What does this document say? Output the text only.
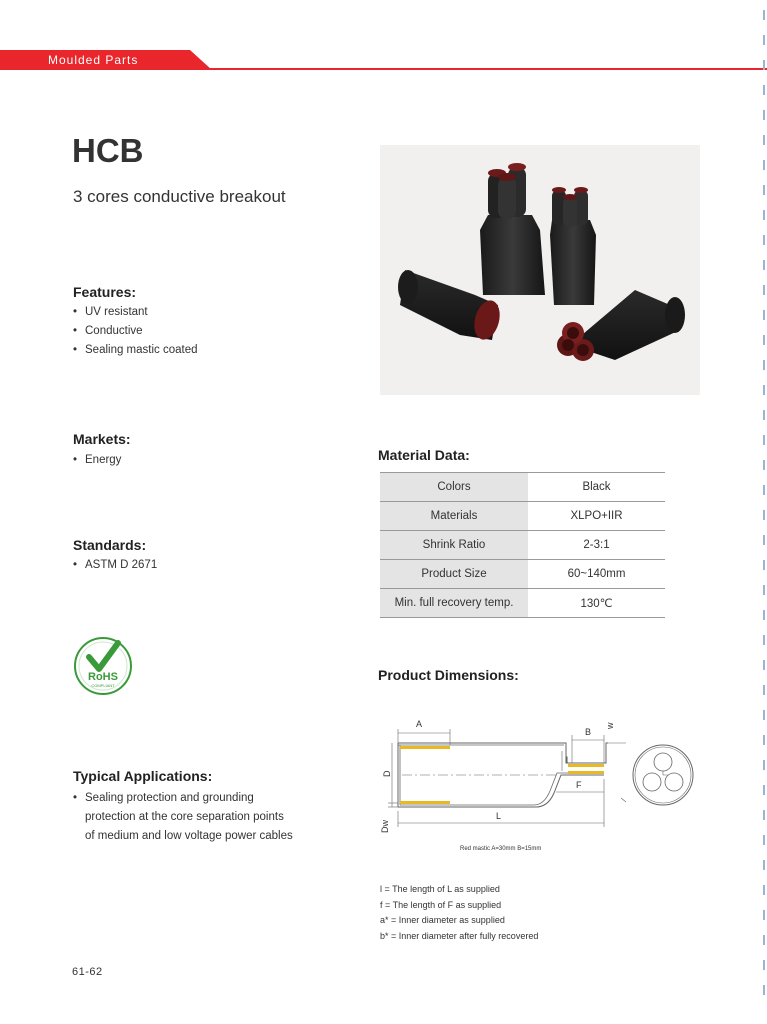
Moulded Parts
HCB
3 cores conductive breakout
Features:
• UV resistant
• Conductive
• Sealing mastic coated
Markets:
• Energy	Material Data:
Colors	Black
Materials	XLPO+IIR
Shrink Ratio	2-3:1
Product Size	60~140mm
Min. full recovery temp.	130℃
Standards:
• ASTM D 2671
RoHS
COMPLIANT
Product Dimensions:
A
B
w
l
D
F
Dw
L
Red mastic A=30mm B=15mm
l = The length of L as supplied
f = The length of F as supplied
a* = Inner diameter as supplied
b* = Inner diameter after fully recovered
Typical Applications:
• Sealing protection and grounding
protection at the core separation points
of medium and low voltage power cables
61-62
